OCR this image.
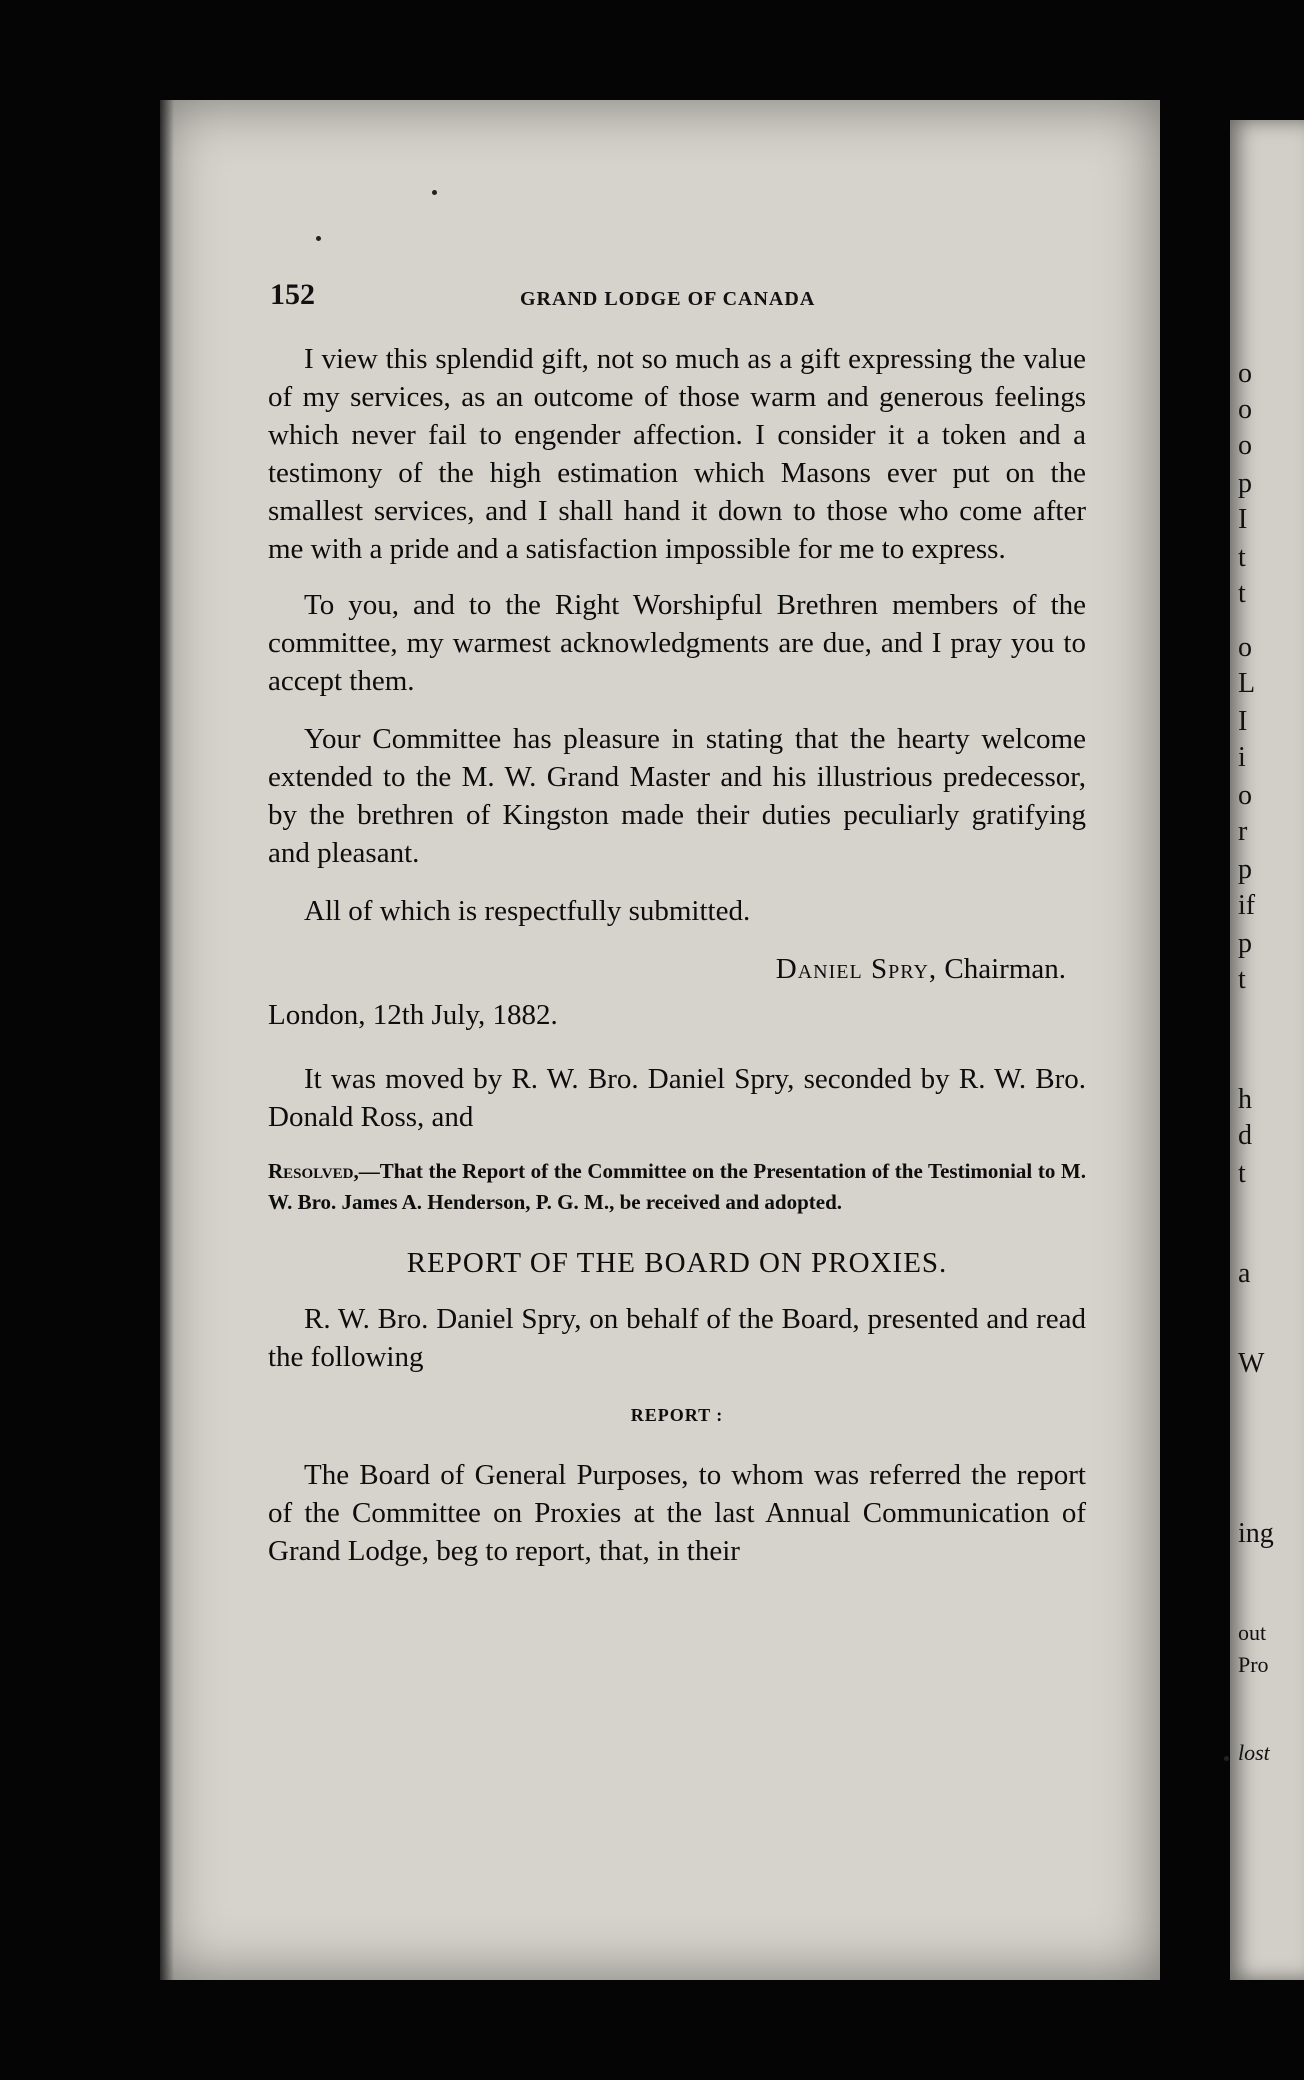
o
o
o
p
I
t
t
o
L
I
i
o
r
p
if
p
t
h
d
t
a
W
ing
out
Pro
lost
152	GRAND LODGE OF CANADA

I view this splendid gift, not so much as a gift expressing the value of my services, as an outcome of those warm and generous feelings which never fail to engender affection. I consider it a token and a testimony of the high estimation which Masons ever put on the smallest services, and I shall hand it down to those who come after me with a pride and a satisfaction impossible for me to express.

To you, and to the Right Worshipful Brethren members of the committee, my warmest acknowledgments are due, and I pray you to accept them.

Your Committee has pleasure in stating that the hearty welcome extended to the M. W. Grand Master and his illustrious predecessor, by the brethren of Kingston made their duties peculiarly gratifying and pleasant.

All of which is respectfully submitted.

Daniel Spry, Chairman.

London, 12th July, 1882.

It was moved by R. W. Bro. Daniel Spry, seconded by R. W. Bro. Donald Ross, and

Resolved,—That the Report of the Committee on the Presentation of the Testimonial to M. W. Bro. James A. Henderson, P. G. M., be received and adopted.

REPORT OF THE BOARD ON PROXIES.

R. W. Bro. Daniel Spry, on behalf of the Board, presented and read the following

REPORT :

The Board of General Purposes, to whom was referred the report of the Committee on Proxies at the last Annual Communication of Grand Lodge, beg to report, that, in their
